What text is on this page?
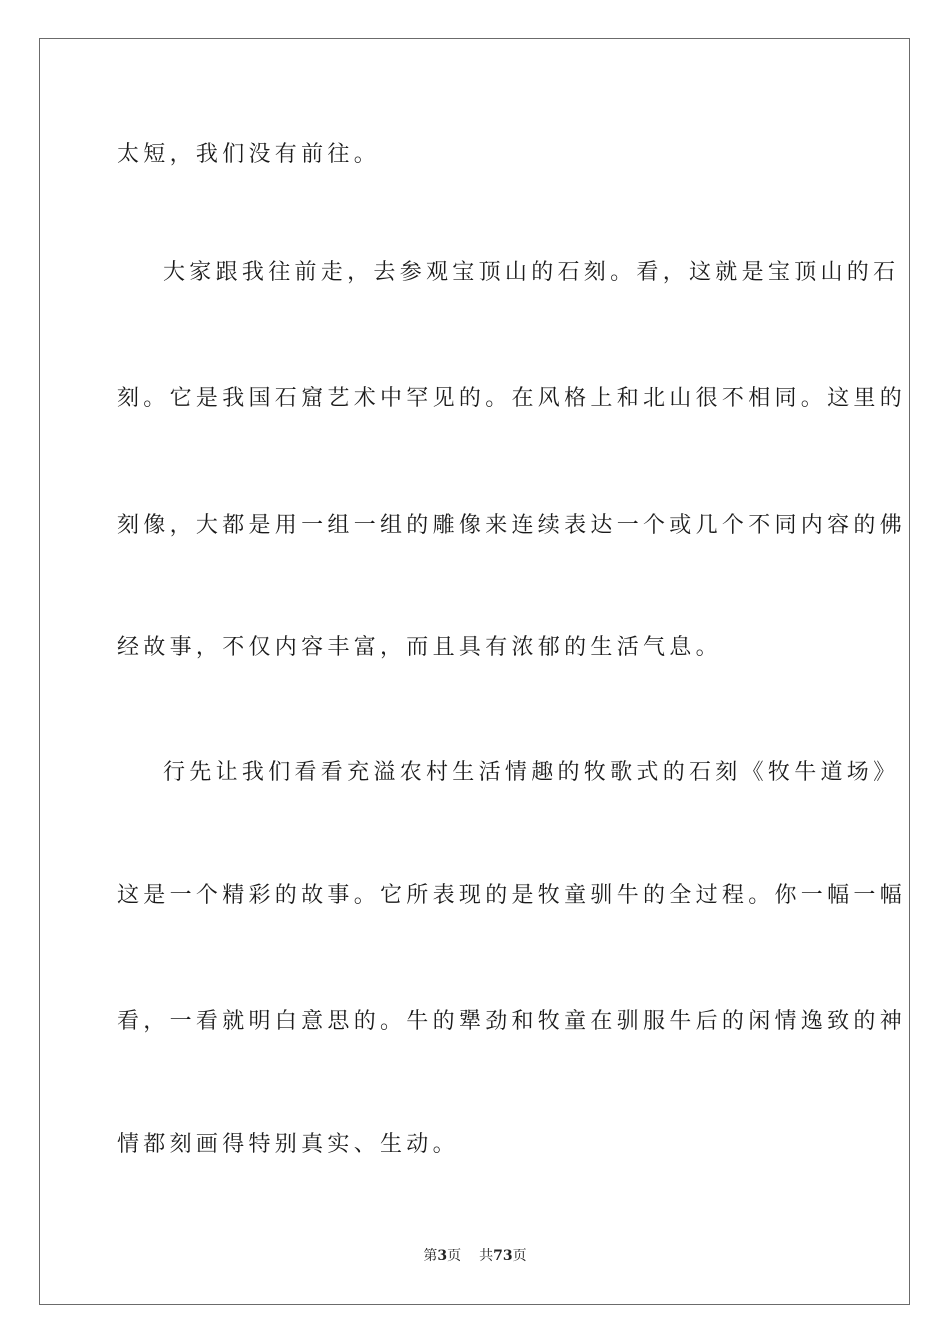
太短，我们没有前往。
大家跟我往前走，去参观宝顶山的石刻。看，这就是宝顶山的石
刻。它是我国石窟艺术中罕见的。在风格上和北山很不相同。这里的
刻像，大都是用一组一组的雕像来连续表达一个或几个不同内容的佛
经故事，不仅内容丰富，而且具有浓郁的生活气息。
行先让我们看看充溢农村生活情趣的牧歌式的石刻《牧牛道场》
这是一个精彩的故事。它所表现的是牧童驯牛的全过程。你一幅一幅
看，一看就明白意思的。牛的犟劲和牧童在驯服牛后的闲情逸致的神
情都刻画得特别真实、生动。
第3页 共73页
